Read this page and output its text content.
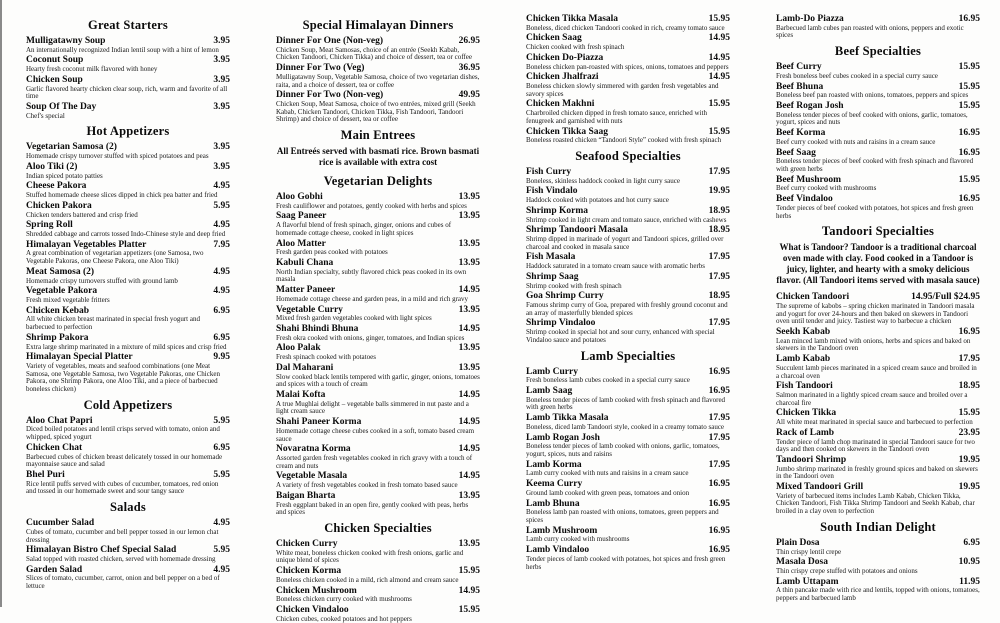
Great Starters
Mulligatawny Soup	3.95
An internationally recognized Indian lentil soup with a hint of lemon
Coconut Soup	3.95
Hearty fresh coconut milk flavored with honey
Chicken Soup	3.95
Garlic flavored hearty chicken clear soup, rich, warm and favorite of all time
Soup Of The Day	3.95
Chef's special
Hot Appetizers
Vegetarian Samosa (2)	3.95
Homemade crispy turnover stuffed with spiced potatoes and peas
Aloo Tiki (2)	3.95
Indian spiced potato patties
Cheese Pakora	4.95
Stuffed homemade cheese slices dipped in chick pea batter and fried
Chicken Pakora	5.95
Chicken tenders battered and crisp fried
Spring Roll	4.95
Shredded cabbage and carrots tossed Indo-Chinese style and deep fried
Himalayan Vegetables Platter	7.95
A great combination of vegetarian appetizers (one Samosa, two Vegetable Pakoras, one Cheese Pakora, one Aloo Tiki)
Meat Samosa (2)	4.95
Homemade crispy turnovers stuffed with ground lamb
Vegetable Pakora	4.95
Fresh mixed vegetable fritters
Chicken Kebab	6.95
All white chicken breast marinated in special fresh yogurt and barbecued to perfection
Shrimp Pakora	6.95
Extra large shrimp marinated in a mixture of mild spices and crisp fried
Himalayan Special Platter	9.95
Variety of vegetables, meats and seafood combinations (one Meat Samosa, one Vegetable Samosa, two Vegetable Pakoras, one Chicken Pakora, one Shrimp Pakora, one Aloo Tiki, and a piece of barbecued boneless chicken)
Cold Appetizers
Aloo Chat Papri	5.95
Diced boiled potatoes and lentil crisps served with tomato, onion and whipped, spiced yogurt
Chicken Chat	6.95
Barbecued cubes of chicken breast delicately tossed in our homemade mayonnaise sauce and salad
Bhel Puri	5.95
Rice lentil puffs served with cubes of cucumber, tomatoes, red onion and tossed in our homemade sweet and sour tangy sauce
Salads
Cucumber Salad	4.95
Cubes of tomato, cucumber and bell pepper tossed in our lemon chat dressing
Himalayan Bistro Chef Special Salad	5.95
Salad topped with roasted chicken, served with homemade dressing
Garden Salad	4.95
Slices of tomato, cucumber, carrot, onion and bell pepper on a bed of lettuce
Special Himalayan Dinners
Dinner For One (Non-veg)	26.95
Chicken Soup, Meat Samosas, choice of an entrée (Seekh Kabab, Chicken Tandoori, Chicken Tikka) and choice of dessert, tea or coffee
Dinner For Two (Veg)	36.95
Mulligatawny Soup, Vegetable Samosa, choice of two vegetarian dishes, raita, and a choice of dessert, tea or coffee
Dinner For Two (Non-veg)	49.95
Chicken Soup, Meat Samosa, choice of two entrées, mixed grill (Seekh Kabab, Chicken Tandoori, Chicken Tikka, Fish Tandoori, Tandoori Shrimp) and choice of dessert, tea or coffee
Main Entrees
All Entreés served with basmati rice. Brown basmati rice is available with extra cost
Vegetarian Delights
Aloo Gobhi	13.95
Fresh cauliflower and potatoes, gently cooked with herbs and spices
Saag Paneer	13.95
A flavorful blend of fresh spinach, ginger, onions and cubes of homemade cottage cheese, cooked in light spices
Aloo Matter	13.95
Fresh garden peas cooked with potatoes
Kabuli Chana	13.95
North Indian specialty, subtly flavored chick peas cooked in its own masala
Matter Paneer	14.95
Homemade cottage cheese and garden peas, in a mild and rich gravy
Vegetable Curry	13.95
Mixed fresh garden vegetables cooked with light spices
Shahi Bhindi Bhuna	14.95
Fresh okra cooked with onions, ginger, tomatoes, and Indian spices
Aloo Palak	13.95
Fresh spinach cooked with potatoes
Dal Maharani	13.95
Slow cooked black lentils tempered with garlic, ginger, onions, tomatoes and spices with a touch of cream
Malai Kofta	14.95
A true Mughlai delight – vegetable balls simmered in nut paste and a light cream sauce
Shahi Paneer Korma	14.95
Homemade cottage cheese cubes cooked in a soft, tomato based cream sauce
Novaratna Korma	14.95
Assorted garden fresh vegetables cooked in rich gravy with a touch of cream and nuts
Vegetable Masala	14.95
A variety of fresh vegetables cooked in fresh tomato based sauce
Baigan Bharta	13.95
Fresh eggplant baked in an open fire, gently cooked with peas, herbs and spices
Chicken Specialties
Chicken Curry	13.95
White meat, boneless chicken cooked with fresh onions, garlic and unique blend of spices
Chicken Korma	15.95
Boneless chicken cooked in a mild, rich almond and cream sauce
Chicken Mushroom	14.95
Boneless chicken curry cooked with mushrooms
Chicken Vindaloo	15.95
Chicken cubes, cooked potatoes and hot peppers
Chicken Tikka Masala	15.95
Boneless, diced chicken Tandoori cooked in rich, creamy tomato sauce
Chicken Saag	14.95
Chicken cooked with fresh spinach
Chicken Do-Piazza	14.95
Boneless chicken pan-roasted with spices, onions, tomatoes and peppers
Chicken Jhalfrazi	14.95
Boneless chicken slowly simmered with garden fresh vegetables and savory spices
Chicken Makhni	15.95
Charbroiled chicken dipped in fresh tomato sauce, enriched with fenugreek and garnished with nuts
Chicken Tikka Saag	15.95
Boneless roasted chicken “Tandoori Style” cooked with fresh spinach
Seafood Specialties
Fish Curry	17.95
Boneless, skinless haddock cooked in light curry sauce
Fish Vindalo	19.95
Haddock cooked with potatoes and hot curry sauce
Shrimp Korma	18.95
Shrimp cooked in light cream and tomato sauce, enriched with cashews
Shrimp Tandoori Masala	18.95
Shrimp dipped in marinade of yogurt and Tandoori spices, grilled over charcoal and cooked in masala sauce
Fish Masala	17.95
Haddock saturated in a tomato cream sauce with aromatic herbs
Shrimp Saag	17.95
Shrimp cooked with fresh spinach
Goa Shrimp Curry	18.95
Famous shrimp curry of Goa, prepared with freshly ground coconut and an array of masterfully blended spices
Shrimp Vindaloo	17.95
Shrimp cooked in special hot and sour curry, enhanced with special Vindaloo sauce and potatoes
Lamb Specialties
Lamb Curry	16.95
Fresh boneless lamb cubes cooked in a special curry sauce
Lamb Saag	16.95
Boneless tender pieces of lamb cooked with fresh spinach and flavored with green herbs
Lamb Tikka Masala	17.95
Boneless, diced lamb Tandoori style, cooked in a creamy tomato sauce
Lamb Rogan Josh	17.95
Boneless tender pieces of lamb cooked with onions, garlic, tomatoes, yogurt, spices, nuts and raisins
Lamb Korma	17.95
Lamb curry cooked with nuts and raisins in a cream sauce
Keema Curry	16.95
Ground lamb cooked with green peas, tomatoes and onion
Lamb Bhuna	16.95
Boneless lamb pan roasted with onions, tomatoes, green peppers and spices
Lamb Mushroom	16.95
Lamb curry cooked with mushrooms
Lamb Vindaloo	16.95
Tender pieces of lamb cooked with potatoes, hot spices and fresh green herbs
Lamb-Do Piazza	16.95
Barbecued lamb cubes pan roasted with onions, peppers and exotic spices
Beef Specialties
Beef Curry	15.95
Fresh boneless beef cubes cooked in a special curry sauce
Beef Bhuna	15.95
Boneless beef pan roasted with onions, tomatoes, peppers and spices
Beef Rogan Josh	15.95
Boneless tender pieces of beef cooked with onions, garlic, tomatoes, yogurt, spices and nuts
Beef Korma	16.95
Beef curry cooked with nuts and raisins in a cream sauce
Beef Saag	16.95
Boneless tender pieces of beef cooked with fresh spinach and flavored with green herbs
Beef Mushroom	15.95
Beef curry cooked with mushrooms
Beef Vindaloo	16.95
Tender pieces of beef cooked with potatoes, hot spices and fresh green herbs
Tandoori Specialties
What is Tandoor? Tandoor is a traditional charcoal oven made with clay. Food cooked in a Tandoor is juicy, lighter, and hearty with a smoky delicious flavor. (All Tandoori items served with masala sauce)
Chicken Tandoori	14.95/Full $24.95
The supreme of kabobs – spring chicken marinated in Tandoori masala and yogurt for over 24-hours and then baked on skewers in Tandoori oven until tender and juicy. Tastiest way to barbecue a chicken
Seekh Kabab	16.95
Lean minced lamb mixed with onions, herbs and spices and baked on skewers in the Tandoori oven
Lamb Kabab	17.95
Succulent lamb pieces marinated in a spiced cream sauce and broiled in a charcoal oven
Fish Tandoori	18.95
Salmon marinated in a lightly spiced cream sauce and broiled over a charcoal fire
Chicken Tikka	15.95
All white meat marinated in special sauce and barbecued to perfection
Rack of Lamb	23.95
Tender piece of lamb chop marinated in special Tandoori sauce for two days and then cooked on skewers in the Tandoori oven
Tandoori Shrimp	19.95
Jumbo shrimp marinated in freshly ground spices and baked on skewers in the Tandoori oven
Mixed Tandoori Grill	19.95
Variety of barbecued items includes Lamb Kabab, Chicken Tikka, Chicken Tandoori, Fish Tikka Shrimp Tandoori and Seekh Kabab, char broiled in a clay oven to perfection
South Indian Delight
Plain Dosa	6.95
Thin crispy lentil crepe
Masala Dosa	10.95
Thin crispy crepe stuffed with potatoes and onions
Lamb Uttapam	11.95
A thin pancake made with rice and lentils, topped with onions, tomatoes, peppers and barbecued lamb
